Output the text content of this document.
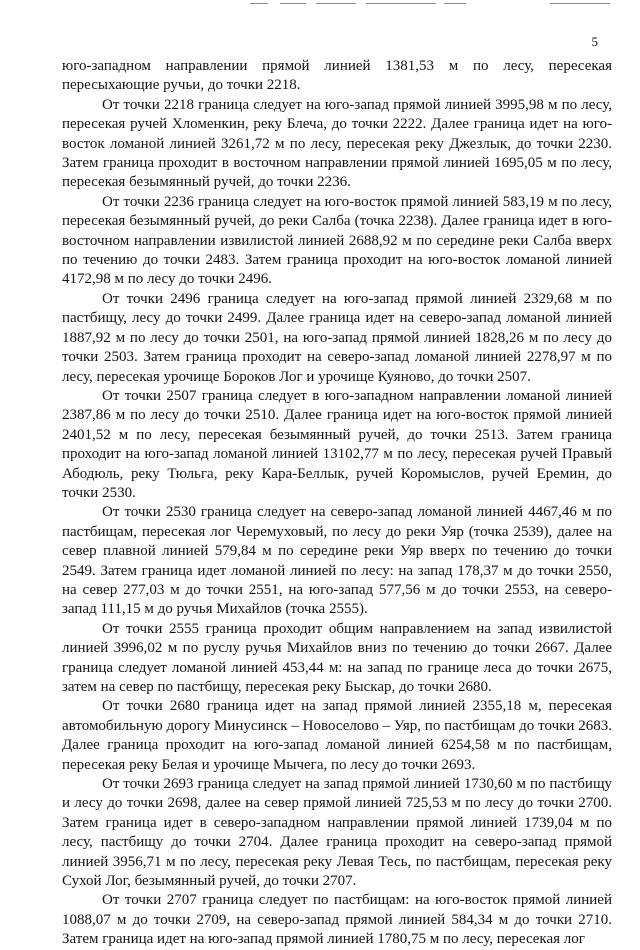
5

юго-западном направлении прямой линией 1381,53 м по лесу, пересекая пересыхающие ручьи, до точки 2218.

От точки 2218 граница следует на юго-запад прямой линией 3995,98 м по лесу, пересекая ручей Хломенкин, реку Блеча, до точки 2222. Далее граница идет на юго-восток ломаной линией 3261,72 м по лесу, пересекая реку Джезлык, до точки 2230. Затем граница проходит в восточном направлении прямой линией 1695,05 м по лесу, пересекая безымянный ручей, до точки 2236.

От точки 2236 граница следует на юго-восток прямой линией 583,19 м по лесу, пересекая безымянный ручей, до реки Салба (точка 2238). Далее граница идет в юго-восточном направлении извилистой линией 2688,92 м по середине реки Салба вверх по течению до точки 2483. Затем граница проходит на юго-восток ломаной линией 4172,98 м по лесу до точки 2496.

От точки 2496 граница следует на юго-запад прямой линией 2329,68 м по пастбищу, лесу до точки 2499. Далее граница идет на северо-запад ломаной линией 1887,92 м по лесу до точки 2501, на юго-запад прямой линией 1828,26 м по лесу до точки 2503. Затем граница проходит на северо-запад ломаной линией 2278,97 м по лесу, пересекая урочище Бороков Лог и урочище Куяново, до точки 2507.

От точки 2507 граница следует в юго-западном направлении ломаной линией 2387,86 м по лесу до точки 2510. Далее граница идет на юго-восток прямой линией 2401,52 м по лесу, пересекая безымянный ручей, до точки 2513. Затем граница проходит на юго-запад ломаной линией 13102,77 м по лесу, пересекая ручей Правый Абодюль, реку Тюльга, реку Кара-Беллык, ручей Коромыслов, ручей Еремин, до точки 2530.

От точки 2530 граница следует на северо-запад ломаной линией 4467,46 м по пастбищам, пересекая лог Черемуховый, по лесу до реки Уяр (точка 2539), далее на север плавной линией 579,84 м по середине реки Уяр вверх по течению до точки 2549. Затем граница идет ломаной линией по лесу: на запад 178,37 м до точки 2550, на север 277,03 м до точки 2551, на юго-запад 577,56 м до точки 2553, на северо-запад 111,15 м до ручья Михайлов (точка 2555).

От точки 2555 граница проходит общим направлением на запад извилистой линией 3996,02 м по руслу ручья Михайлов вниз по течению до точки 2667. Далее граница следует ломаной линией 453,44 м: на запад по границе леса до точки 2675, затем на север по пастбищу, пересекая реку Быскар, до точки 2680.

От точки 2680 граница идет на запад прямой линией 2355,18 м, пересекая автомобильную дорогу Минусинск – Новоселово – Уяр, по пастбищам до точки 2683. Далее граница проходит на юго-запад ломаной линией 6254,58 м по пастбищам, пересекая реку Белая и урочище Мычега, по лесу до точки 2693.

От точки 2693 граница следует на запад прямой линией 1730,60 м по пастбищу и лесу до точки 2698, далее на север прямой линией 725,53 м по лесу до точки 2700. Затем граница идет в северо-западном направлении прямой линией 1739,04 м по лесу, пастбищу до точки 2704. Далее граница проходит на северо-запад прямой линией 3956,71 м по лесу, пересекая реку Левая Тесь, по пастбищам, пересекая реку Сухой Лог, безымянный ручей, до точки 2707.

От точки 2707 граница следует по пастбищам: на юго-восток прямой линией 1088,07 м до точки 2709, на северо-запад прямой линией 584,34 м до точки 2710. Затем граница идет на юго-запад прямой линией 1780,75 м по лесу, пересекая лог
